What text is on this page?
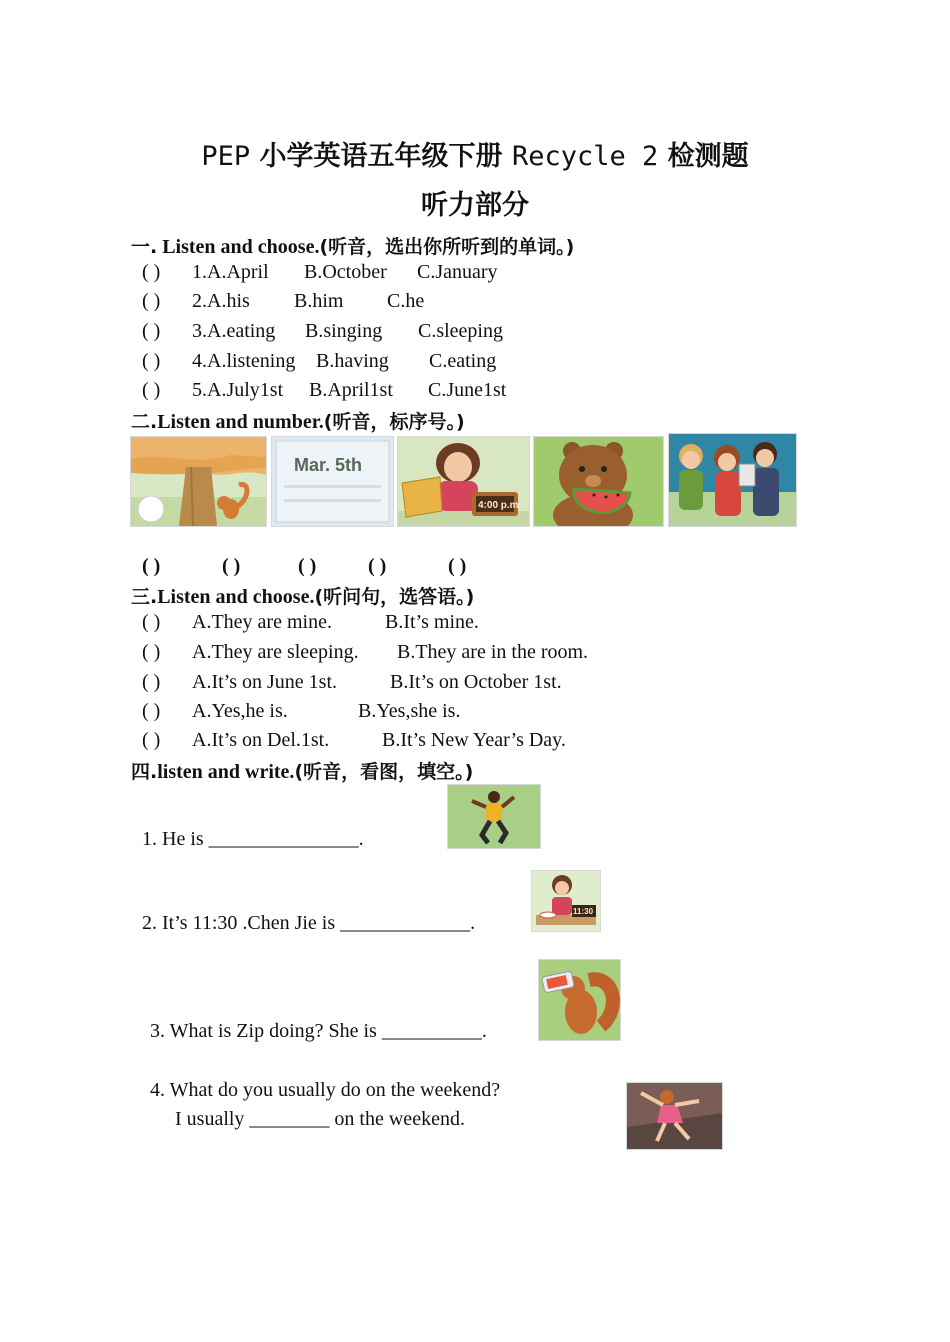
PEP 小学英语五年级下册 Recycle 2 检测题
听力部分
一. Listen and choose.(听音，选出你所听到的单词。)
( ) 1.A.April B.October C.January
( ) 2.A.his B.him C.he
( ) 3.A.eating B.singing C.sleeping
( ) 4.A.listening B.having C.eating
( ) 5.A.July1st B.April1st C.June1st
二.Listen and number.(听音，标序号。)
Mar. 5th
4:00 p.m.
( )	( )	( )	( )	( )
三.Listen and choose.(听问句，选答语。)
( ) A.They are mine.	B.It’s mine.
( ) A.They are sleeping. B.They are in the room.
( ) A.It’s on June 1st.	B.It’s on October 1st.
( ) A.Yes,he is.	B.Yes,she is.
( ) A.It’s on Del.1st.	B.It’s New Year’s Day.
四.listen and write.(听音，看图，填空。)
1. He is _______________.
2. It’s 11:30 .Chen Jie is _____________.
11:30
3. What is Zip doing? She is __________.
4. What do you usually do on the weekend?
I usually ________ on the weekend.
